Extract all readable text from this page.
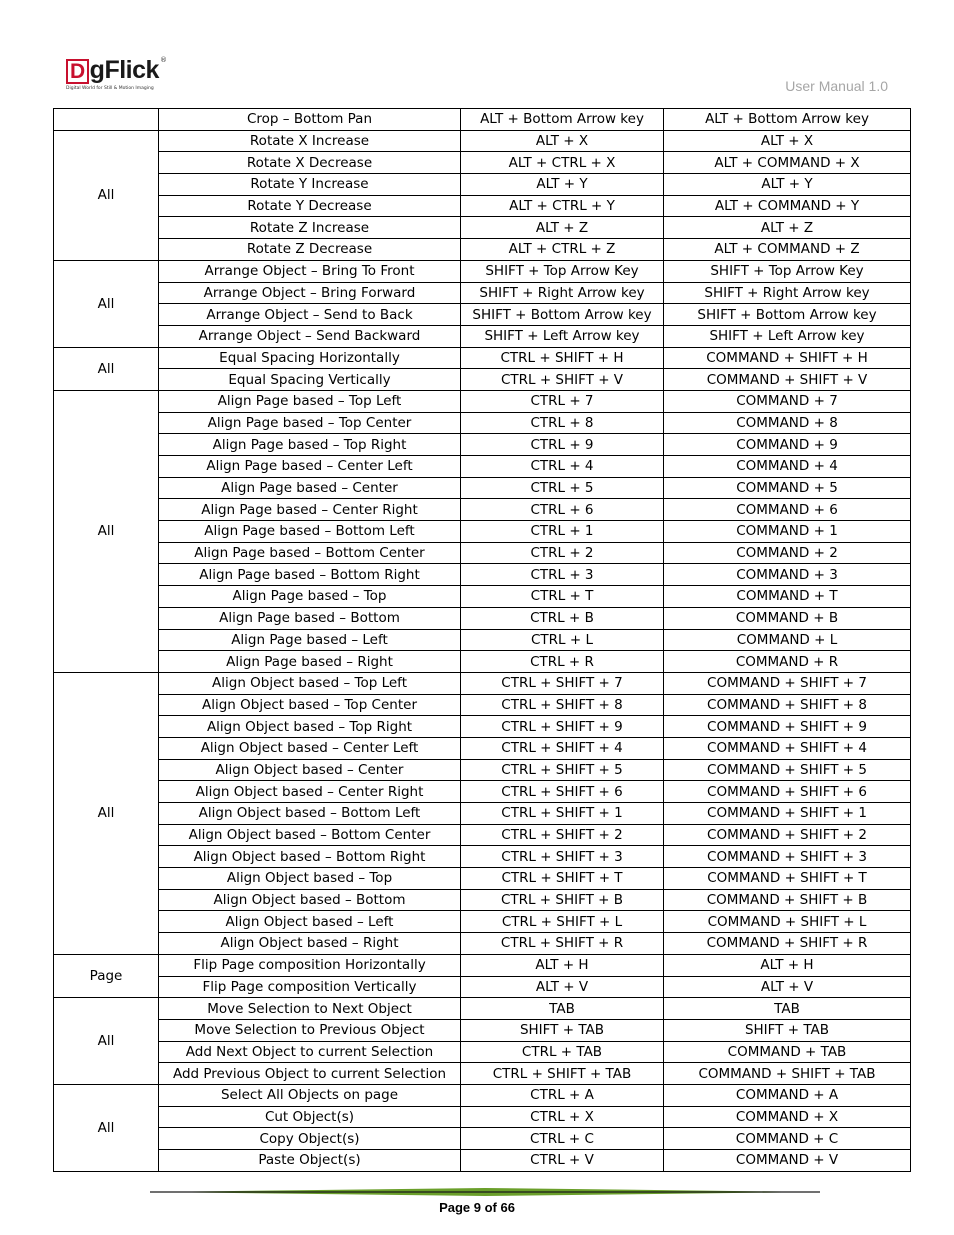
D gFlick ®
Digital World for Still & Motion Imaging	User Manual 1.0
	Crop – Bottom Pan	ALT + Bottom Arrow key	ALT + Bottom Arrow key
All	Rotate X Increase	ALT + X	ALT + X
	Rotate X Decrease	ALT + CTRL + X	ALT + COMMAND + X
	Rotate Y Increase	ALT + Y	ALT + Y
	Rotate Y Decrease	ALT + CTRL + Y	ALT + COMMAND + Y
	Rotate Z Increase	ALT + Z	ALT + Z
	Rotate Z Decrease	ALT + CTRL + Z	ALT + COMMAND + Z
All	Arrange Object – Bring To Front	SHIFT + Top Arrow Key	SHIFT + Top Arrow Key
	Arrange Object – Bring Forward	SHIFT + Right Arrow key	SHIFT + Right Arrow key
	Arrange Object – Send to Back	SHIFT + Bottom Arrow key	SHIFT + Bottom Arrow key
	Arrange Object – Send Backward	SHIFT + Left Arrow key	SHIFT + Left Arrow key
All	Equal Spacing Horizontally	CTRL + SHIFT + H	COMMAND + SHIFT + H
	Equal Spacing Vertically	CTRL + SHIFT + V	COMMAND + SHIFT + V
All	Align Page based – Top Left	CTRL + 7	COMMAND + 7
	Align Page based – Top Center	CTRL + 8	COMMAND + 8
	Align Page based – Top Right	CTRL + 9	COMMAND + 9
	Align Page based – Center Left	CTRL + 4	COMMAND + 4
	Align Page based – Center	CTRL + 5	COMMAND + 5
	Align Page based – Center Right	CTRL + 6	COMMAND + 6
	Align Page based – Bottom Left	CTRL + 1	COMMAND + 1
	Align Page based – Bottom Center	CTRL + 2	COMMAND + 2
	Align Page based – Bottom Right	CTRL + 3	COMMAND + 3
	Align Page based – Top	CTRL + T	COMMAND + T
	Align Page based – Bottom	CTRL + B	COMMAND + B
	Align Page based – Left	CTRL + L	COMMAND + L
	Align Page based – Right	CTRL + R	COMMAND + R
All	Align Object based – Top Left	CTRL + SHIFT + 7	COMMAND + SHIFT + 7
	Align Object based – Top Center	CTRL + SHIFT + 8	COMMAND + SHIFT + 8
	Align Object based – Top Right	CTRL + SHIFT + 9	COMMAND + SHIFT + 9
	Align Object based – Center Left	CTRL + SHIFT + 4	COMMAND + SHIFT + 4
	Align Object based – Center	CTRL + SHIFT + 5	COMMAND + SHIFT + 5
	Align Object based – Center Right	CTRL + SHIFT + 6	COMMAND + SHIFT + 6
	Align Object based – Bottom Left	CTRL + SHIFT + 1	COMMAND + SHIFT + 1
	Align Object based – Bottom Center	CTRL + SHIFT + 2	COMMAND + SHIFT + 2
	Align Object based – Bottom Right	CTRL + SHIFT + 3	COMMAND + SHIFT + 3
	Align Object based – Top	CTRL + SHIFT + T	COMMAND + SHIFT + T
	Align Object based – Bottom	CTRL + SHIFT + B	COMMAND + SHIFT + B
	Align Object based – Left	CTRL + SHIFT + L	COMMAND + SHIFT + L
	Align Object based – Right	CTRL + SHIFT + R	COMMAND + SHIFT + R
Page	Flip Page composition Horizontally	ALT + H	ALT + H
	Flip Page composition Vertically	ALT + V	ALT + V
All	Move Selection to Next Object	TAB	TAB
	Move Selection to Previous Object	SHIFT + TAB	SHIFT + TAB
	Add Next Object to current Selection	CTRL + TAB	COMMAND + TAB
	Add Previous Object to current Selection	CTRL + SHIFT + TAB	COMMAND + SHIFT + TAB
All	Select All Objects on page	CTRL + A	COMMAND + A
	Cut Object(s)	CTRL + X	COMMAND + X
	Copy Object(s)	CTRL + C	COMMAND + C
	Paste Object(s)	CTRL + V	COMMAND + V
Page 9 of 66
